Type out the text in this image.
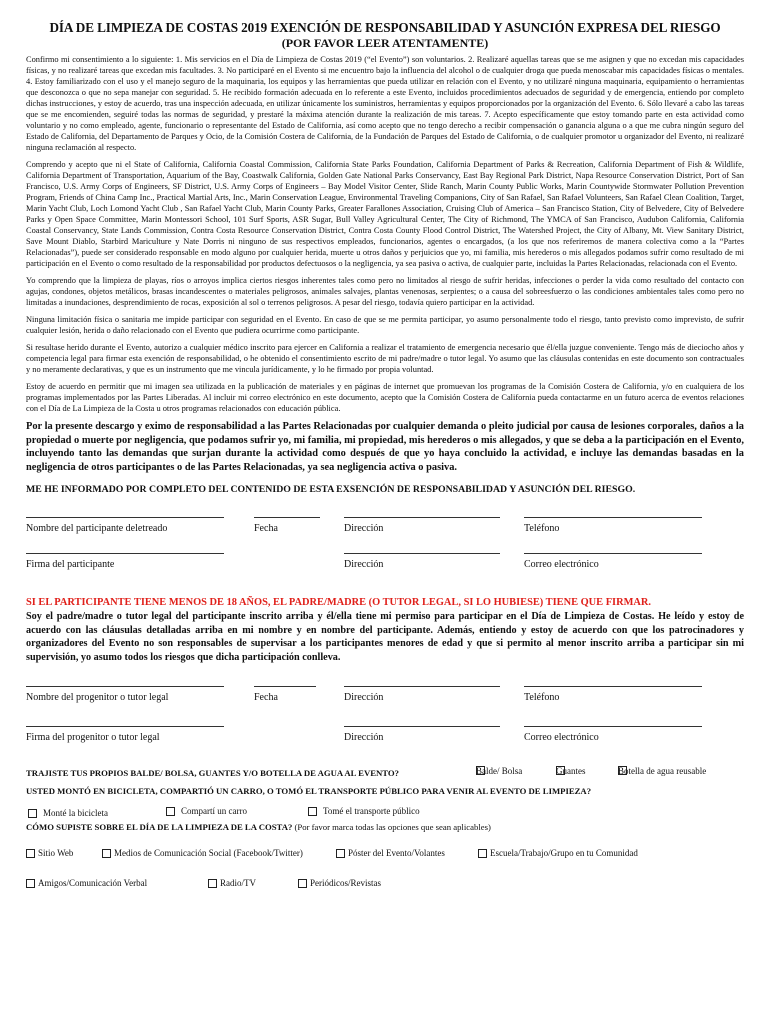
DÍA DE LIMPIEZA DE COSTAS 2019 EXENCIÓN DE RESPONSABILIDAD Y ASUNCIÓN EXPRESA DEL RIESGO
(POR FAVOR LEER ATENTAMENTE)

Confirmo mi consentimiento a lo siguiente: 1. Mis servicios en el Día de Limpieza de Costas 2019 (“el Evento”) son voluntarios. 2. Realizaré aquellas tareas que se me asignen y que no excedan mis capacidades físicas, y no realizaré tareas que excedan mis facultades. 3. No participaré en el Evento si me encuentro bajo la influencia del alcohol o de cualquier droga que pueda menoscabar mis capacidades físicas o mentales. 4. Estoy familiarizado con el uso y el manejo seguro de la maquinaria, los equipos y las herramientas que pueda utilizar en relación con el Evento, y no utilizaré ninguna maquinaria, equipamiento o herramientas que desconozca o que no sepa manejar con seguridad. 5. He recibido formación adecuada en lo referente a este Evento, incluidos procedimientos adecuados de seguridad y de emergencia, entiendo por completo dichas instrucciones, y estoy de acuerdo, tras una inspección adecuada, en utilizar únicamente los suministros, herramientas y equipos proporcionados por la organización del Evento. 6. Sólo llevaré a cabo las tareas que se me encomienden, seguiré todas las normas de seguridad, y prestaré la máxima atención durante la realización de mis tareas. 7. Acepto específicamente que estoy tomando parte en esta actividad como voluntario y no como empleado, agente, funcionario o representante del Estado de California, así como acepto que no tengo derecho a recibir compensación o ganancia alguna o a que me cubra ningún seguro del Estado de California, del Departamento de Parques y Ocio, de la Comisión Costera de California, de la Fundación de Parques del Estado de California, o de cualquier promotor u organizador del Evento, ni realizaré ninguna reclamación al respecto.

Comprendo y acepto que ni el State of California, California Coastal Commission, California State Parks Foundation, California Department of Parks & Recreation, California Department of Fish & Wildlife, California Department of Transportation, Aquarium of the Bay, Coastwalk California, Golden Gate National Parks Conservancy, East Bay Regional Park District, Napa Resource Conservation District, Port of San Francisco, U.S. Army Corps of Engineers, SF District, U.S. Army Corps of Engineers – Bay Model Visitor Center, Slide Ranch, Marin County Public Works, Marin Countywide Stormwater Pollution Prevention Program, Friends of China Camp Inc., Practical Martial Arts, Inc., Marin Conservation League, Environmental Traveling Companions, City of San Rafael, San Rafael Volunteers, San Rafael Clean Coalition, Target, Marin Yacht Club, Loch Lomond Yacht Club , San Rafael Yacht Club, Marin County Parks, Greater Farallones Association, Cruising Club of America – San Francisco Station, City of Belvedere, City of Belvedere Parks y Open Space Committee, Marin Montessori School, 101 Surf Sports, ASR Sugar, Bull Valley Agricultural Center, The City of Richmond, The YMCA of San Francisco, Audubon California, California Coastal Conservancy, State Lands Commission, Contra Costa Resource Conservation District, Contra Costa County Flood Control District, The Watershed Project, the City of Albany, Mt. View Sanitary District, Save Mount Diablo, Starbird Mariculture y Nate Dorris ni ninguno de sus respectivos empleados, funcionarios, agentes o encargados, (a los que nos referiremos de manera colectiva como a la “Partes Relacionadas”), puede ser considerado responsable en modo alguno por cualquier herida, muerte u otros daños y perjuicios que yo, mi familia, mis herederos o mis allegados podamos sufrir como resultado de mi participación en el Evento o como resultado de la responsabilidad por productos defectuosos o la negligencia, ya sea pasiva o activa, de cualquier parte, incluidas la Partes Relacionadas, relacionada con el Evento.

Yo comprendo que la limpieza de playas, ríos o arroyos implica ciertos riesgos inherentes tales como pero no limitados al riesgo de sufrir heridas, infecciones o perder la vida como resultado del contacto con agujas, condones, objetos metálicos, brasas incandescentes o materiales peligrosos, animales salvajes, plantas venenosas, serpientes; o a causa del sobreesfuerzo o las condiciones ambientales tales como pero no limitadas a inundaciones, desprendimiento de rocas, exposición al sol o terrenos peligrosos. A pesar del riesgo, todavía quiero participar en la actividad.

Ninguna limitación física o sanitaria me impide participar con seguridad en el Evento. En caso de que se me permita participar, yo asumo personalmente todo el riesgo, tanto previsto como imprevisto, de sufrir cualquier lesión, herida o daño relacionado con el Evento que pudiera ocurrirme como participante.

Si resultase herido durante el Evento, autorizo a cualquier médico inscrito para ejercer en California a realizar el tratamiento de emergencia necesario que él/ella juzgue conveniente. Tengo más de dieciocho años y competencia legal para firmar esta exención de responsabilidad, o he obtenido el consentimiento escrito de mi padre/madre o tutor legal. Yo asumo que las cláusulas contenidas en este documento son contractuales y no meramente declarativas, y que es un instrumento que me vincula jurídicamente, y lo he firmado por propia voluntad.

Estoy de acuerdo en permitir que mi imagen sea utilizada en la publicación de materiales y en páginas de internet que promuevan los programas de la Comisión Costera de California, y/o en cualquiera de los programas implementados por las Partes Liberadas. Al incluir mi correo electrónico en este documento, acepto que la Comisión Costera de California pueda contactarme en un futuro acerca de eventos relaciones con el Día de La Limpieza de la Costa u otros programas relacionados con educación pública.

Por la presente descargo y eximo de responsabilidad a las Partes Relacionadas por cualquier demanda o pleito judicial por causa de lesiones corporales, daños a la propiedad o muerte por negligencia, que podamos sufrir yo, mi familia, mi propiedad, mis herederos o mis allegados, y que se deba a la participación en el Evento, incluyendo tanto las demandas que surjan durante la actividad como después de que yo haya concluido la actividad, e incluye las demandas basadas en la negligencia de otros participantes o de las Partes Relacionadas, ya sea negligencia activa o pasiva.

ME HE INFORMADO POR COMPLETO DEL CONTENIDO DE ESTA EXSENCIÓN DE RESPONSABILIDAD Y ASUNCIÓN DEL RIESGO.
Nombre del participante deletreado	Fecha	Dirección	Teléfono
Firma del participante	Dirección	Correo electrónico
SI EL PARTICIPANTE TIENE MENOS DE 18 AÑOS, EL PADRE/MADRE (O TUTOR LEGAL, SI LO HUBIESE) TIENE QUE FIRMAR.

Soy el padre/madre o tutor legal del participante inscrito arriba y él/ella tiene mi permiso para participar en el Día de Limpieza de Costas. He leído y estoy de acuerdo con las cláusulas detalladas arriba en mi nombre y en nombre del participante. Además, entiendo y estoy de acuerdo con que los patrocinadores y organizadores del Evento no son responsables de supervisar a los participantes menores de edad y que si permito al menor inscrito arriba a participar sin mi supervisión, yo asumo todos los riesgos que dicha participación conlleva.

Nombre del progenitor o tutor legal	Fecha	Dirección	Teléfono
Firma del progenitor o tutor legal	Dirección	Correo electrónico
TRAJISTE TUS PROPIOS BALDE/ BOLSA, GUANTES Y/O BOTELLA DE AGUA AL EVENTO?	Balde/ Bolsa	Guantes	Botella de agua reusable
USTED MONTÓ EN BICICLETA, COMPARTIÓ UN CARRO, O TOMÓ EL TRANSPORTE PÚBLICO PARA VENIR AL EVENTO DE LIMPIEZA?
Monté la bicicleta	Compartí un carro	Tomé el transporte público
CÓMO SUPISTE SOBRE EL DÍA DE LA LIMPIEZA DE LA COSTA? (Por favor marca todas las opciones que sean aplicables)
Sitio Web	Medios de Comunicación Social (Facebook/Twitter)	Póster del Evento/Volantes	Escuela/Trabajo/Grupo en tu Comunidad
Amigos/Comunicación Verbal	Radio/TV	Periódicos/Revistas
